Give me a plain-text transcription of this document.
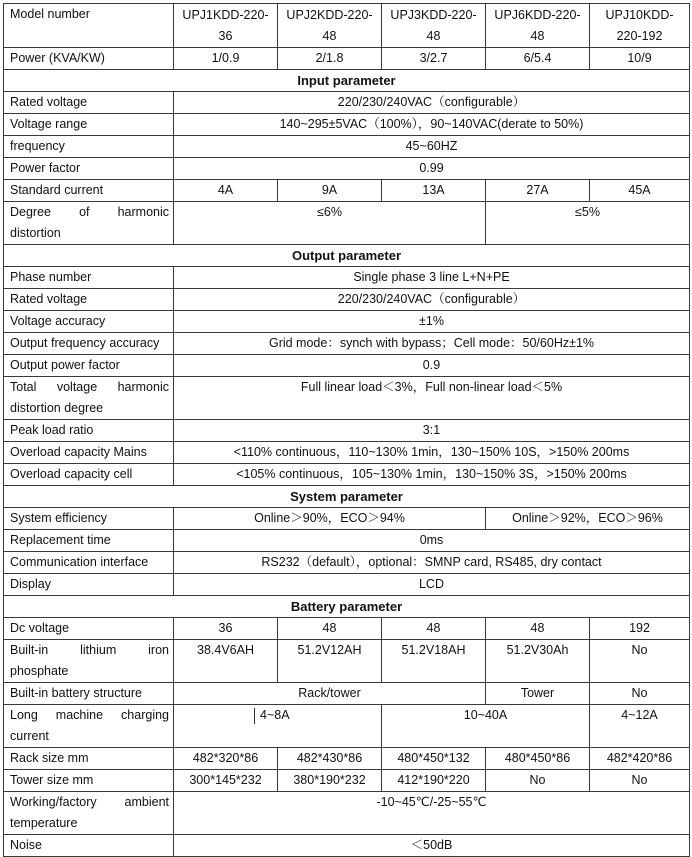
Model number	UPJ1KDD-220-36	UPJ2KDD-220-48	UPJ3KDD-220-48	UPJ6KDD-220-48	UPJ10KDD-220-192
Power (KVA/KW)	1/0.9	2/1.8	3/2.7	6/5.4	10/9
Input parameter					
Rated voltage	220/230/240VAC（configurable）				
Voltage range	140~295±5VAC（100%），90~140VAC(derate to 50%)				
frequency	45~60HZ				
Power factor	0.99				
Standard current	4A	9A	13A	27A	45A
Degree of harmonic distortion	≤6%			≤5%	
Output parameter					
Phase number	Single phase 3 line L+N+PE				
Rated voltage	220/230/240VAC（configurable）				
Voltage accuracy	±1%				
Output frequency accuracy	Grid mode：synch with bypass；Cell mode：50/60Hz±1%				
Output power factor	0.9				
Total voltage harmonic distortion degree	Full linear load＜3%，Full non-linear load＜5%				
Peak load ratio	3:1				
Overload capacity Mains	<110% continuous，110~130% 1min，130~150% 10S，>150% 200ms				
Overload capacity cell	<105% continuous，105~130% 1min，130~150% 3S，>150% 200ms				
System parameter					
System efficiency	Online＞90%，ECO＞94%			Online＞92%，ECO＞96%	
Replacement time	0ms				
Communication interface	RS232（default），optional：SMNP card, RS485, dry contact				
Display	LCD				
Battery parameter					
Dc voltage	36	48	48	48	192
Built-in lithium iron phosphate	38.4V6AH	51.2V12AH	51.2V18AH	51.2V30Ah	No
Built-in battery structure	Rack/tower			Tower	No
Long machine charging current	4~8A		10~40A		4~12A
Rack size mm	482*320*86	482*430*86	480*450*132	480*450*86	482*420*86
Tower size mm	300*145*232	380*190*232	412*190*220	No	No
Working/factory ambient temperature	-10~45℃/-25~55℃				
Noise	＜50dB				
